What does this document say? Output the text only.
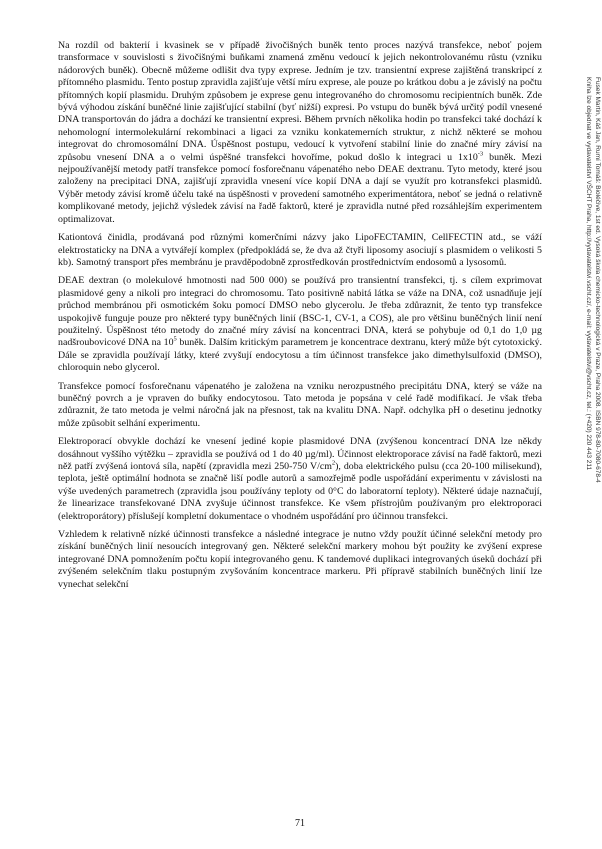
Na rozdíl od bakterií i kvasinek se v případě živočišných buněk tento proces nazývá transfekce, neboť pojem transformace v souvislosti s živočišnými buňkami znamená změnu vedoucí k jejich nekontrolovanému růstu (vzniku nádorových buněk). Obecně můžeme odlišit dva typy exprese. Jedním je tzv. transientní exprese zajištěná transkripcí z přítomného plasmidu. Tento postup zpravidla zajišťuje větší míru exprese, ale pouze po krátkou dobu a je závislý na počtu přítomných kopií plasmidu. Druhým způsobem je exprese genu integrovaného do chromosomu recipientních buněk. Zde bývá výhodou získání buněčné linie zajišťující stabilní (byť nižší) expresi. Po vstupu do buněk bývá určitý podíl vnesené DNA transportován do jádra a dochází ke transientní expresi. Během prvních několika hodin po transfekci také dochází k nehomologní intermolekulární rekombinaci a ligaci za vzniku konkatemerních struktur, z nichž některé se mohou integrovat do chromosomální DNA. Úspěšnost postupu, vedoucí k vytvoření stabilní linie do značné míry závisí na způsobu vnesení DNA a o velmi úspěšné transfekci hovoříme, pokud došlo k integraci u $1x10^{-3}$ buněk. Mezi nejpoužívanější metody patří transfekce pomocí fosforečnanu vápenatého nebo DEAE dextranu. Tyto metody, které jsou založeny na precipitaci DNA, zajišťují zpravidla vnesení více kopií DNA a dají se využít pro kotransfekci plasmidů. Výběr metody závisí kromě účelu také na úspěšnosti v provedení samotného experimentátora, neboť se jedná o relativně komplikované metody, jejichž výsledek závisí na řadě faktorů, které je zpravidla nutné před rozsáhlejším experimentem optimalizovat.

Kationtová činidla, prodávaná pod různými komerčními názvy jako LipoFECTAMIN, CellFECTIN atd., se váží elektrostaticky na DNA a vytvářejí komplex (předpokládá se, že dva až čtyři liposomy asociují s plasmidem o velikosti 5 kb). Samotný transport přes membránu je pravděpodobně zprostředkován prostřednictvím endosomů a lysosomů.

DEAE dextran (o molekulové hmotnosti nad 500 000) se používá pro transientní transfekci, tj. s cílem exprimovat plasmidové geny a nikoli pro integraci do chromosomu. Tato positivně nabitá látka se váže na DNA, což usnadňuje její průchod membránou při osmotickém šoku pomocí DMSO nebo glycerolu. Je třeba zdůraznit, že tento typ transfekce uspokojivě funguje pouze pro některé typy buněčných linií (BSC-1, CV-1, a COS), ale pro většinu buněčných linií není použitelný. Úspěšnost této metody do značné míry závisí na koncentraci DNA, která se pohybuje od 0,1 do 1,0 µg nadšroubovicové DNA na $10^5$ buněk. Dalším kritickým parametrem je koncentrace dextranu, který může být cytotoxický. Dále se zpravidla používají látky, které zvyšují endocytosu a tím účinnost transfekce jako dimethylsulfoxid (DMSO), chloroquin nebo glycerol.

Transfekce pomocí fosforečnanu vápenatého je založena na vzniku nerozpustného precipitátu DNA, který se váže na buněčný povrch a je vpraven do buňky endocytosou. Tato metoda je popsána v celé řadě modifikací. Je však třeba zdůraznit, že tato metoda je velmi náročná jak na přesnost, tak na kvalitu DNA. Např. odchylka pH o desetinu jednotky může způsobit selhání experimentu.

Elektroporací obvykle dochází ke vnesení jediné kopie plasmidové DNA (zvýšenou koncentrací DNA lze někdy dosáhnout vyššího výtěžku – zpravidla se používá od 1 do 40 µg/ml). Účinnost elektroporace závisí na řadě faktorů, mezi něž patří zvýšená iontová síla, napětí (zpravidla mezi 250-750 $V/cm^2$), doba elektrického pulsu (cca 20-100 milisekund), teplota, ještě optimální hodnota se značně liší podle autorů a samozřejmě podle uspořádání experimentu v závislosti na výše uvedených parametrech (zpravidla jsou používány teploty od 0°C do laboratorní teploty). Některé údaje naznačují, že linearizace transfekované DNA zvyšuje účinnost transfekce. Ke všem přístrojům používaným pro elektroporaci (elektroporátory) příslušejí kompletní dokumentace o vhodném uspořádání pro účinnou transfekci.

Vzhledem k relativně nízké účinnosti transfekce a následné integrace je nutno vždy použít účinné selekční metody pro získání buněčných linií nesoucích integrovaný gen. Některé selekční markery mohou být použity ke zvýšení exprese integrované DNA pomnožením počtu kopií integrovaného genu. K tandemové duplikaci integrovaných úseků dochází při zvýšeném selekčním tlaku postupným zvyšováním koncentrace markeru. Při přípravě stabilních buněčných linií lze vynechat selekční

Fusek Martin, Káš Jan, Rumí Tomáš: Bioléčive, 1st ed. Vysoká škola chemicko-technologická v Praze, Praha 2008. ISBN 978-80-7080-678-4
Kniha lze objednat ve vydavatelství VŠCHT Praha, http://vydavatelstvi.vscht.cz/, e-mail: vydavatelstvi@vscht.cz, tel.: (+420) 220 443 211
71
